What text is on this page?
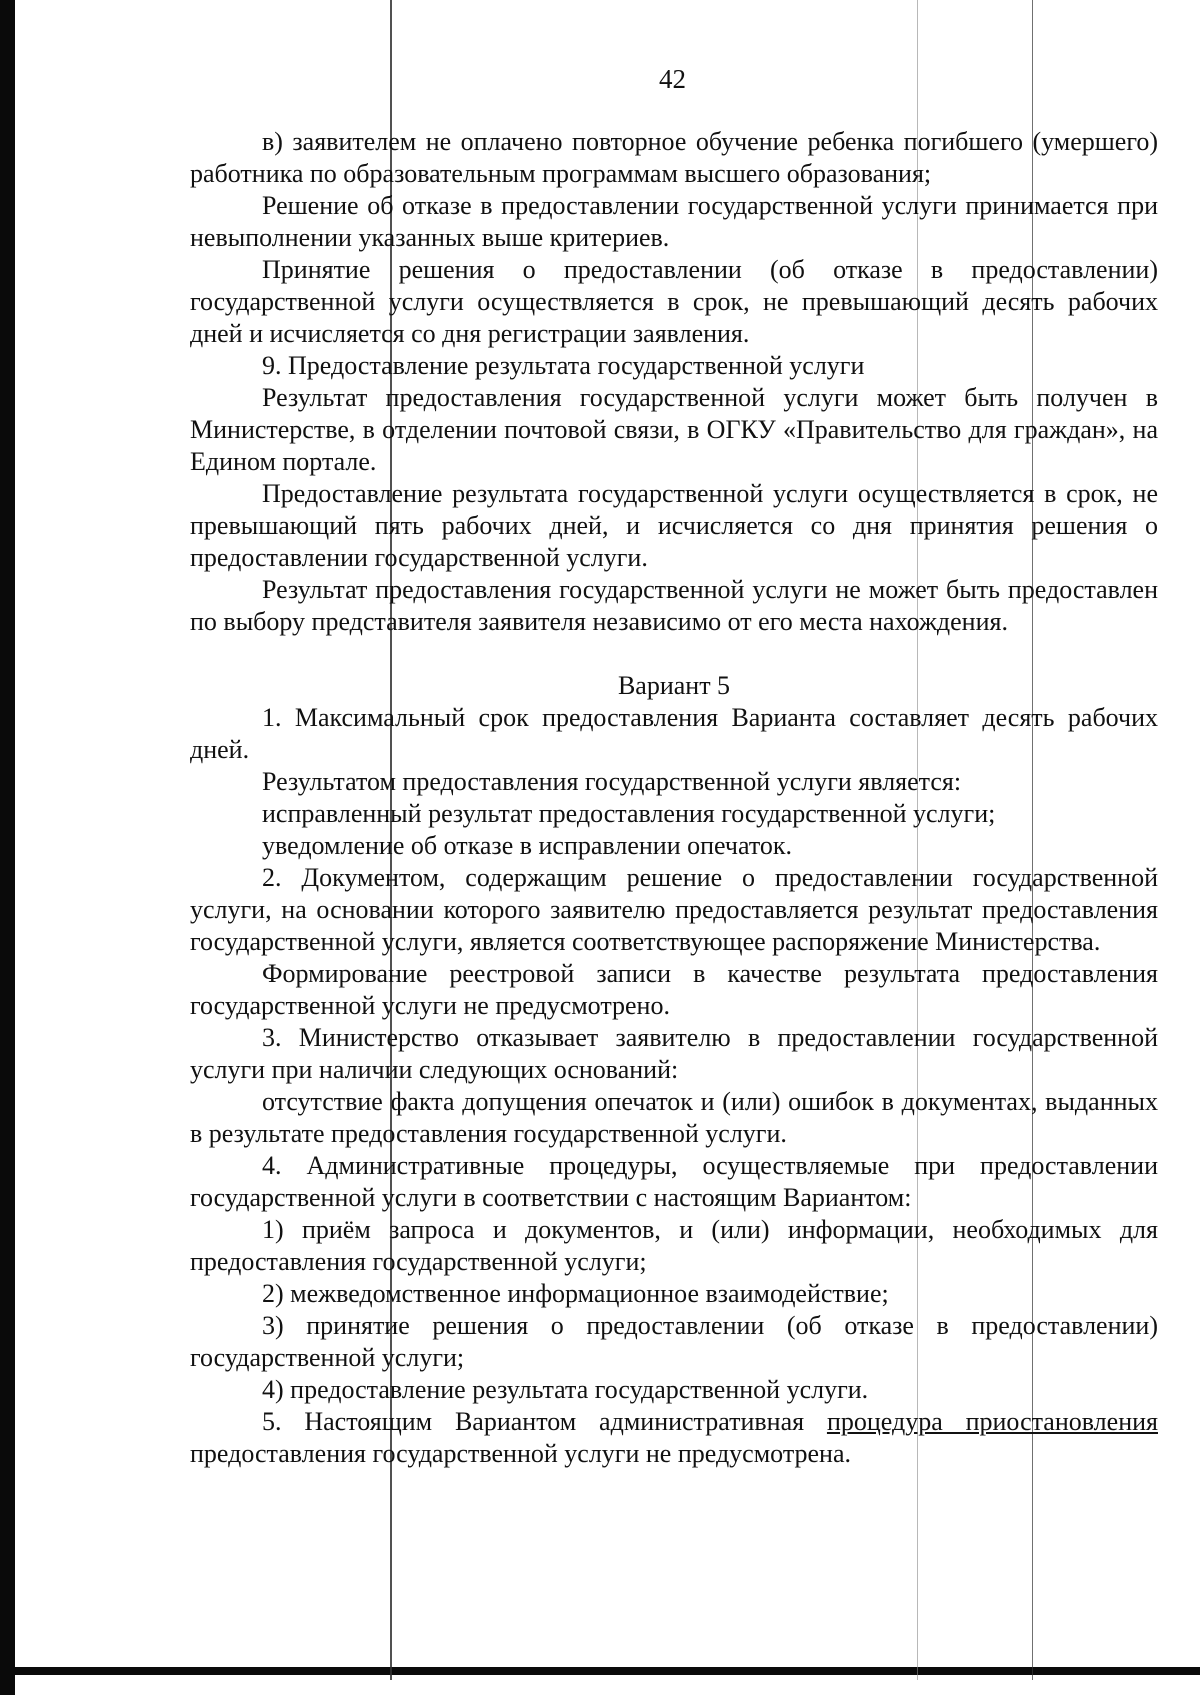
42

в) заявителем не оплачено повторное обучение ребенка погибшего (умершего) работника по образовательным программам высшего образования;

Решение об отказе в предоставлении государственной услуги принимается при невыполнении указанных выше критериев.

Принятие решения о предоставлении (об отказе в предоставлении) государственной услуги осуществляется в срок, не превышающий десять рабочих дней и исчисляется со дня регистрации заявления.

9. Предоставление результата государственной услуги

Результат предоставления государственной услуги может быть получен в Министерстве, в отделении почтовой связи, в ОГКУ «Правительство для граждан», на Едином портале.

Предоставление результата государственной услуги осуществляется в срок, не превышающий пять рабочих дней, и исчисляется со дня принятия решения о предоставлении государственной услуги.

Результат предоставления государственной услуги не может быть предоставлен по выбору представителя заявителя независимо от его места нахождения.

Вариант 5

1. Максимальный срок предоставления Варианта составляет десять рабочих дней.

Результатом предоставления государственной услуги является:

исправленный результат предоставления государственной услуги;

уведомление об отказе в исправлении опечаток.

2. Документом, содержащим решение о предоставлении государственной услуги, на основании которого заявителю предоставляется результат предоставления государственной услуги, является соответствующее распоряжение Министерства.

Формирование реестровой записи в качестве результата предоставления государственной услуги не предусмотрено.

3. Министерство отказывает заявителю в предоставлении государственной услуги при наличии следующих оснований:

отсутствие факта допущения опечаток и (или) ошибок в документах, выданных в результате предоставления государственной услуги.

4. Административные процедуры, осуществляемые при предоставлении государственной услуги в соответствии с настоящим Вариантом:

1) приём запроса и документов, и (или) информации, необходимых для предоставления государственной услуги;

2) межведомственное информационное взаимодействие;

3) принятие решения о предоставлении (об отказе в предоставлении) государственной услуги;

4) предоставление результата государственной услуги.

5. Настоящим Вариантом административная процедура приостановления предоставления государственной услуги не предусмотрена.
